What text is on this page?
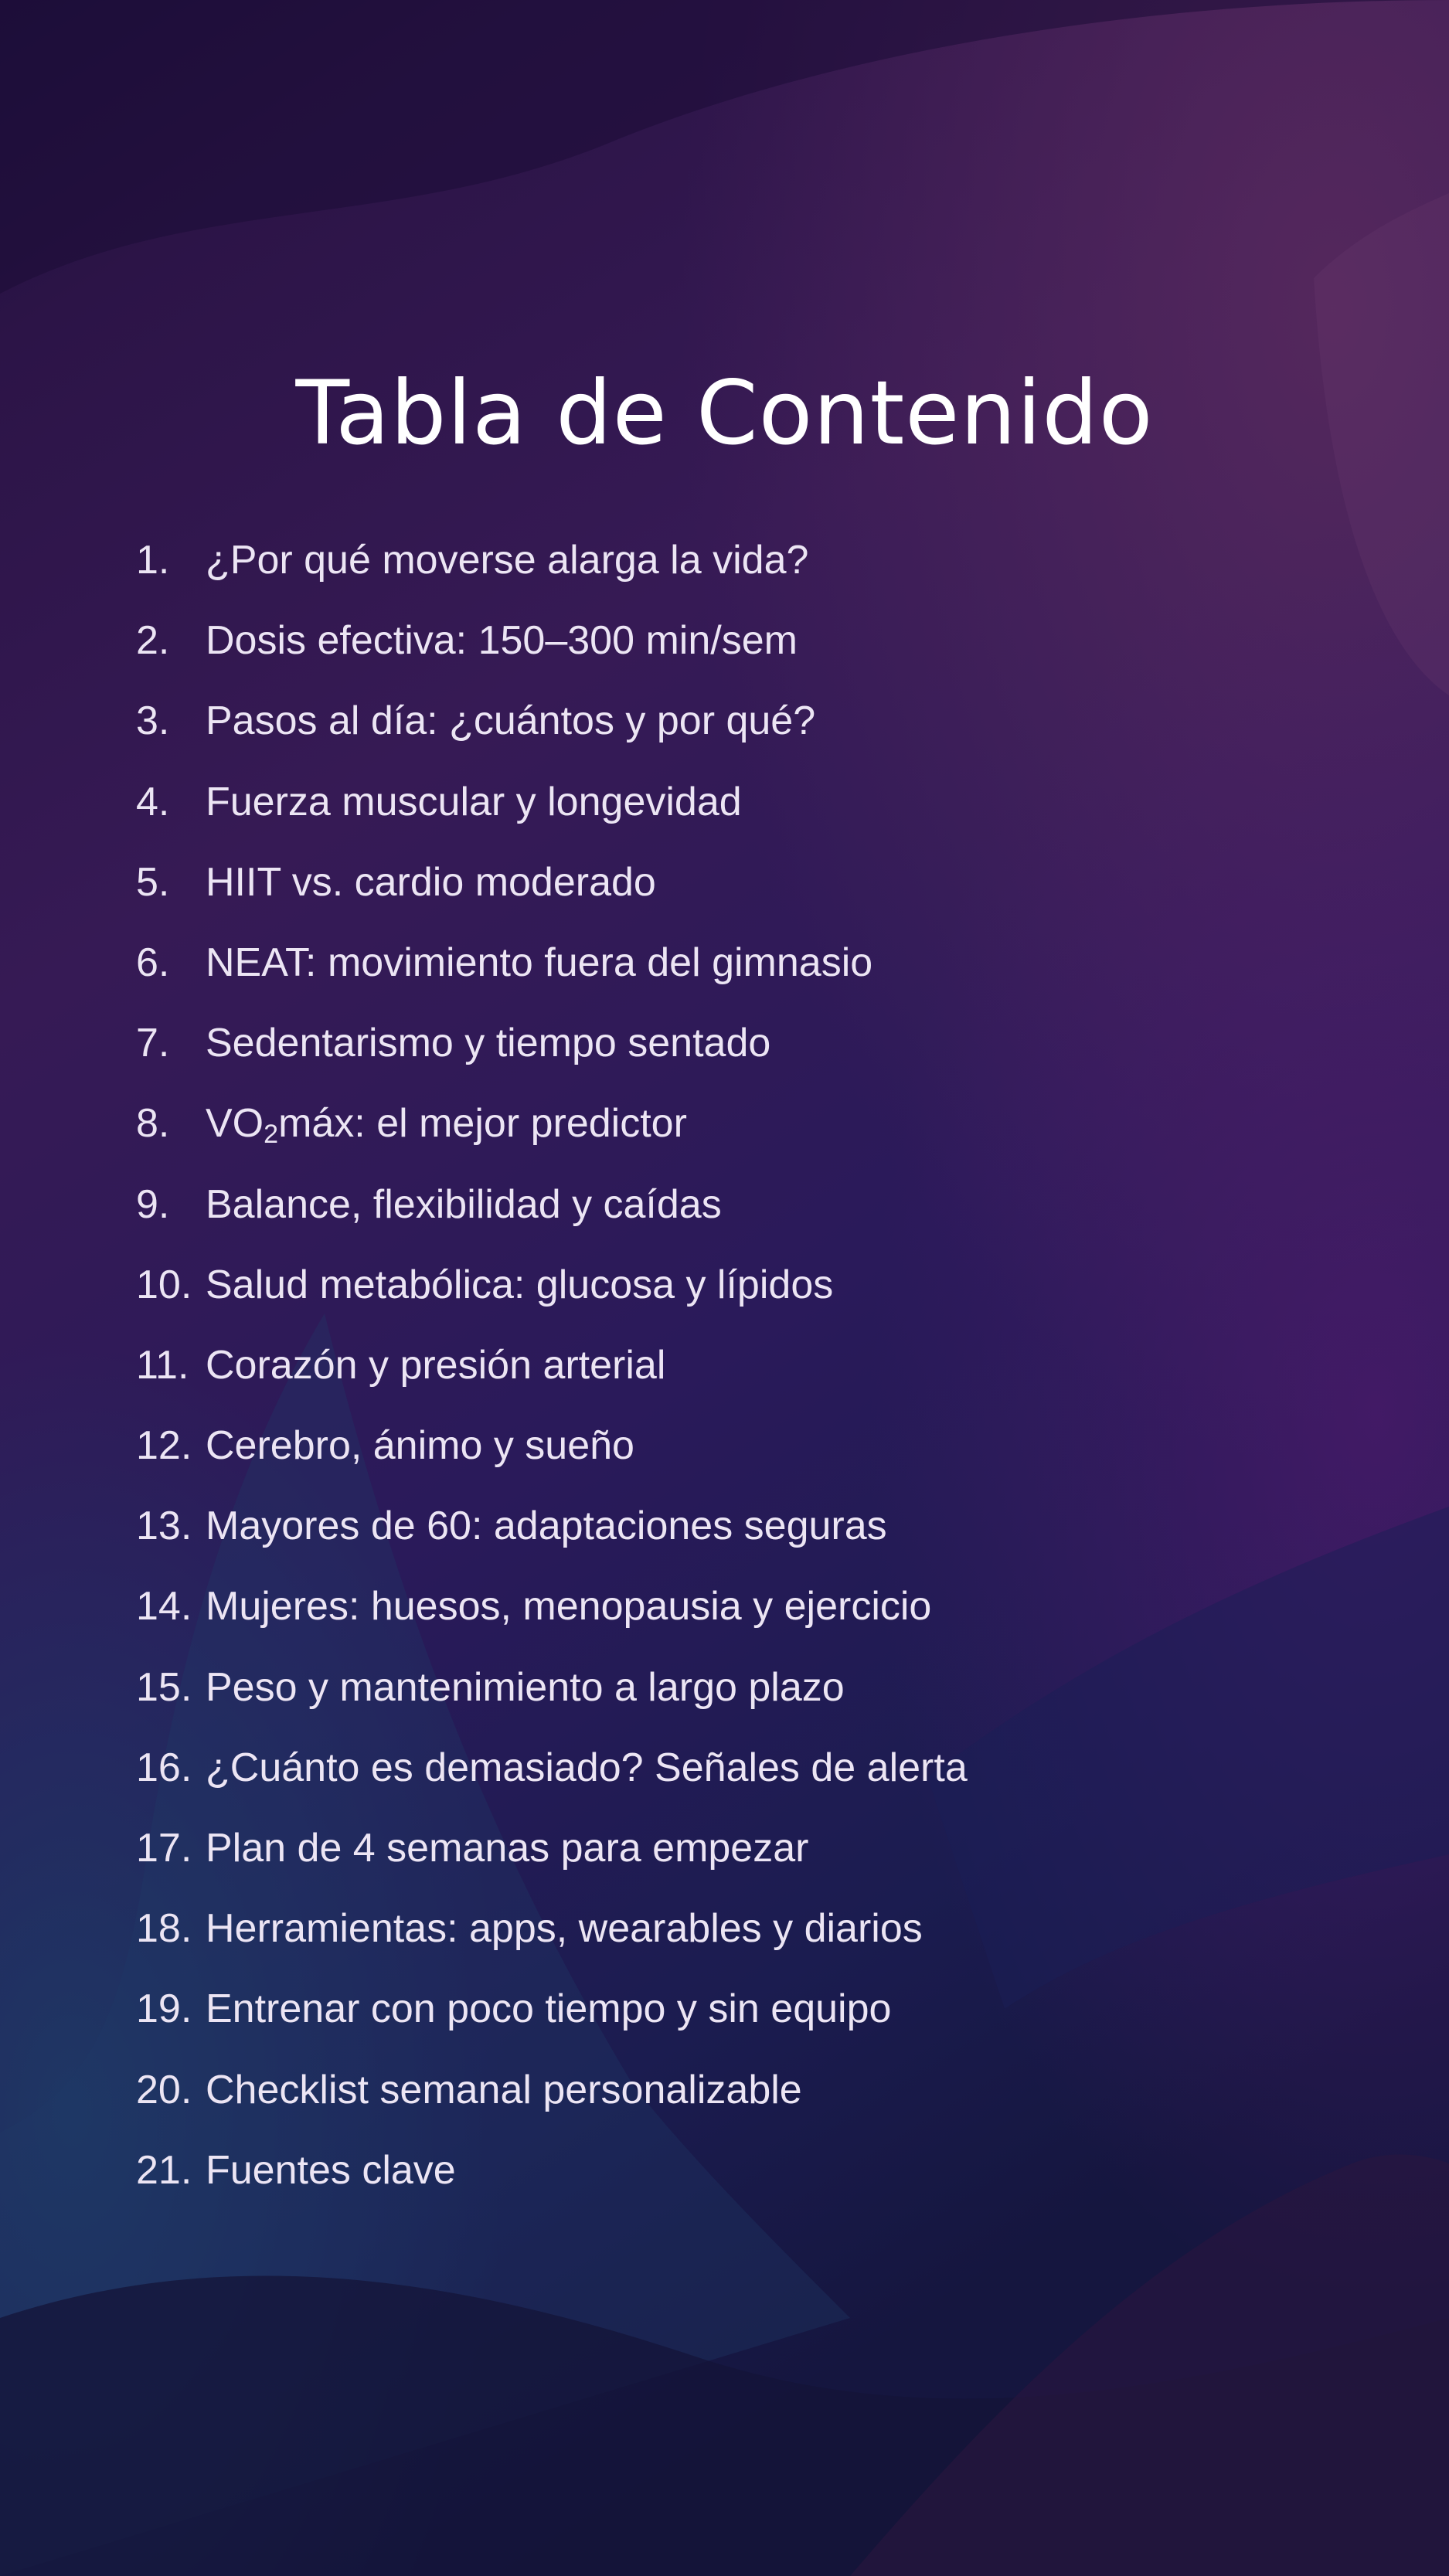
Tabla de Contenido
1. ¿Por qué moverse alarga la vida?
2. Dosis efectiva: 150–300 min/sem
3. Pasos al día: ¿cuántos y por qué?
4. Fuerza muscular y longevidad
5. HIIT vs. cardio moderado
6. NEAT: movimiento fuera del gimnasio
7. Sedentarismo y tiempo sentado
8. $VO_2máx$: el mejor predictor
9. Balance, flexibilidad y caídas
10. Salud metabólica: glucosa y lípidos
11. Corazón y presión arterial
12. Cerebro, ánimo y sueño
13. Mayores de 60: adaptaciones seguras
14. Mujeres: huesos, menopausia y ejercicio
15. Peso y mantenimiento a largo plazo
16. ¿Cuánto es demasiado? Señales de alerta
17. Plan de 4 semanas para empezar
18. Herramientas: apps, wearables y diarios
19. Entrenar con poco tiempo y sin equipo
20. Checklist semanal personalizable
21. Fuentes clave
